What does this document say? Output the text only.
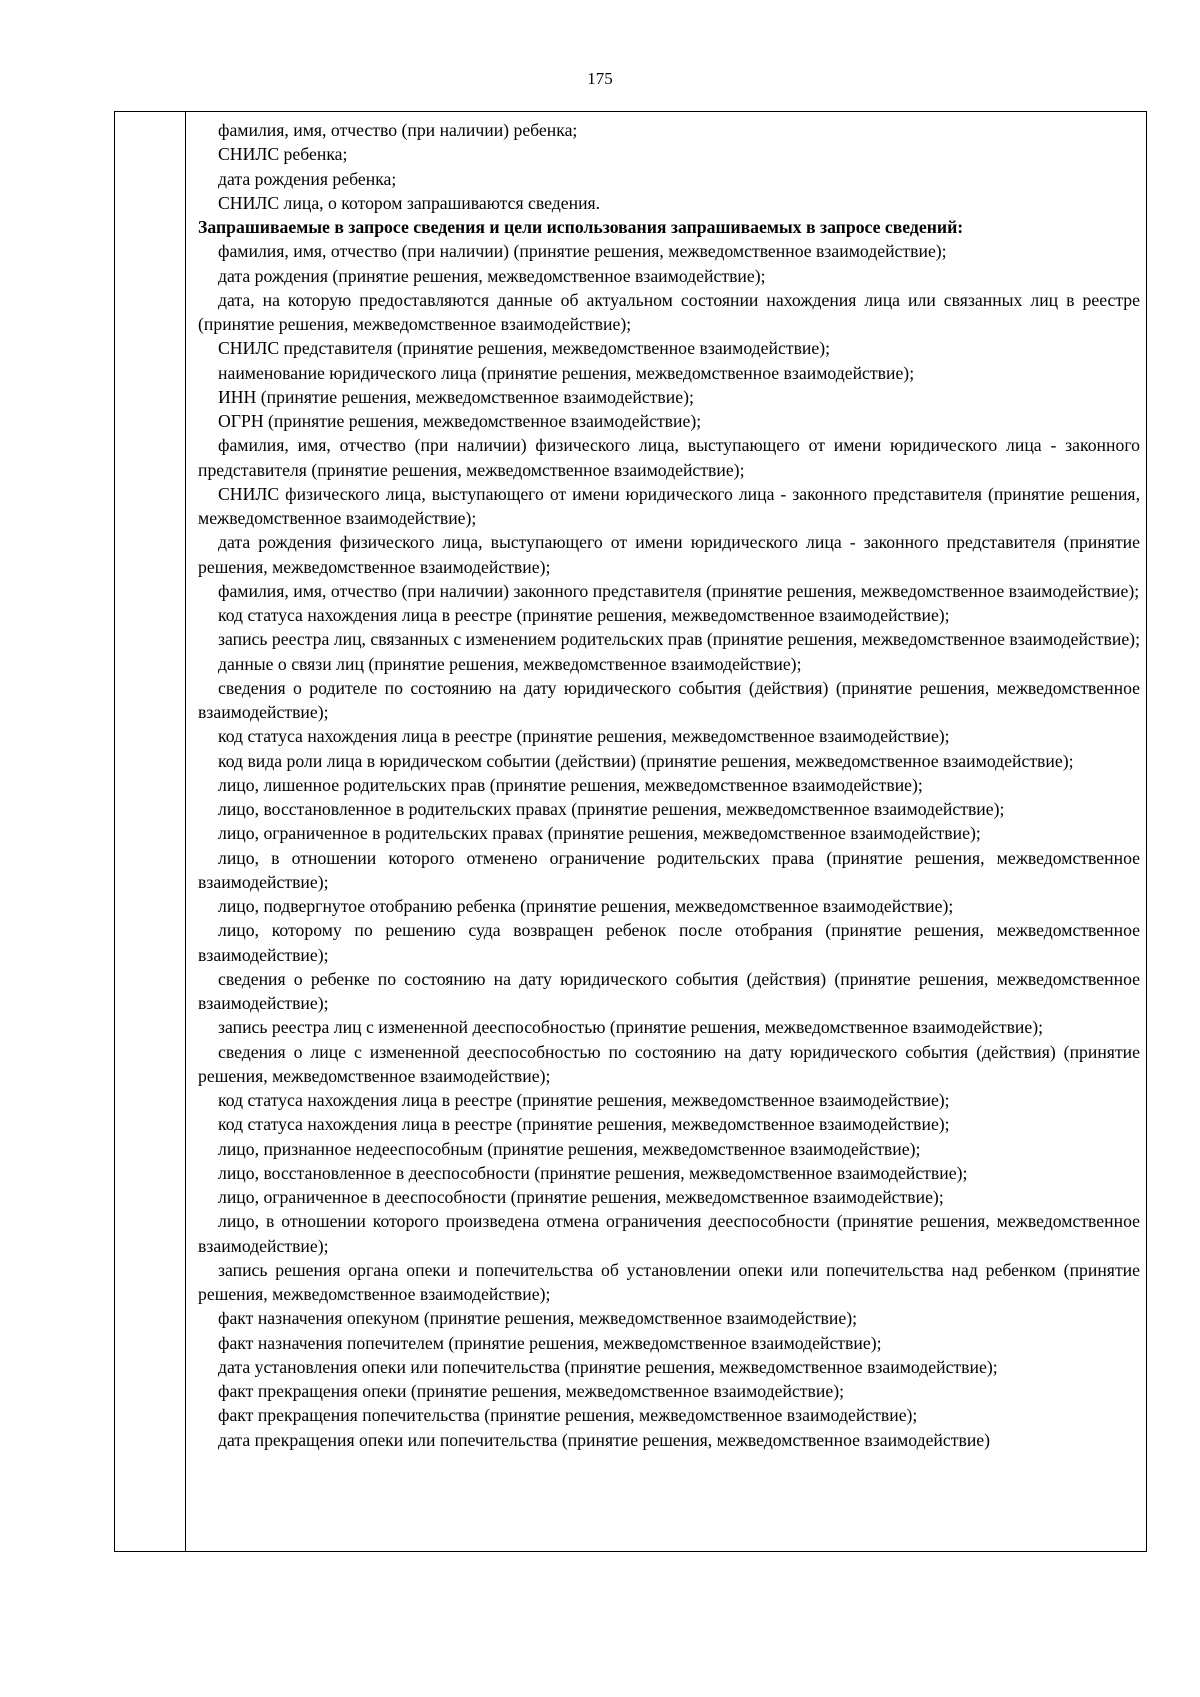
175

фамилия, имя, отчество (при наличии) ребенка;

СНИЛС ребенка;

дата рождения ребенка;

СНИЛС лица, о котором запрашиваются сведения.

Запрашиваемые в запросе сведения и цели использования запрашиваемых в запросе сведений:

фамилия, имя, отчество (при наличии) (принятие решения, межведомственное взаимодействие);

дата рождения (принятие решения, межведомственное взаимодействие);

дата, на которую предоставляются данные об актуальном состоянии нахождения лица или связанных лиц в реестре (принятие решения, межведомственное взаимодействие);

СНИЛС представителя (принятие решения, межведомственное взаимодействие);

наименование юридического лица (принятие решения, межведомственное взаимодействие);

ИНН (принятие решения, межведомственное взаимодействие);

ОГРН (принятие решения, межведомственное взаимодействие);

фамилия, имя, отчество (при наличии) физического лица, выступающего от имени юридического лица - законного представителя (принятие решения, межведомственное взаимодействие);

СНИЛС физического лица, выступающего от имени юридического лица - законного представителя (принятие решения, межведомственное взаимодействие);

дата рождения физического лица, выступающего от имени юридического лица - законного представителя (принятие решения, межведомственное взаимодействие);

фамилия, имя, отчество (при наличии) законного представителя (принятие решения, межведомственное взаимодействие);

код статуса нахождения лица в реестре (принятие решения, межведомственное взаимодействие);

запись реестра лиц, связанных с изменением родительских прав (принятие решения, межведомственное взаимодействие);

данные о связи лиц (принятие решения, межведомственное взаимодействие);

сведения о родителе по состоянию на дату юридического события (действия) (принятие решения, межведомственное взаимодействие);

код статуса нахождения лица в реестре (принятие решения, межведомственное взаимодействие);

код вида роли лица в юридическом событии (действии) (принятие решения, межведомственное взаимодействие);

лицо, лишенное родительских прав (принятие решения, межведомственное взаимодействие);

лицо, восстановленное в родительских правах (принятие решения, межведомственное взаимодействие);

лицо, ограниченное в родительских правах (принятие решения, межведомственное взаимодействие);

лицо, в отношении которого отменено ограничение родительских права (принятие решения, межведомственное взаимодействие);

лицо, подвергнутое отобранию ребенка (принятие решения, межведомственное взаимодействие);

лицо, которому по решению суда возвращен ребенок после отобрания (принятие решения, межведомственное взаимодействие);

сведения о ребенке по состоянию на дату юридического события (действия) (принятие решения, межведомственное взаимодействие);

запись реестра лиц с измененной дееспособностью (принятие решения, межведомственное взаимодействие);

сведения о лице с измененной дееспособностью по состоянию на дату юридического события (действия) (принятие решения, межведомственное взаимодействие);

код статуса нахождения лица в реестре (принятие решения, межведомственное взаимодействие);

код статуса нахождения лица в реестре (принятие решения, межведомственное взаимодействие);

лицо, признанное недееспособным (принятие решения, межведомственное взаимодействие);

лицо, восстановленное в дееспособности (принятие решения, межведомственное взаимодействие);

лицо, ограниченное в дееспособности (принятие решения, межведомственное взаимодействие);

лицо, в отношении которого произведена отмена ограничения дееспособности (принятие решения, межведомственное взаимодействие);

запись решения органа опеки и попечительства об установлении опеки или попечительства над ребенком (принятие решения, межведомственное взаимодействие);

факт назначения опекуном (принятие решения, межведомственное взаимодействие);

факт назначения попечителем (принятие решения, межведомственное взаимодействие);

дата установления опеки или попечительства (принятие решения, межведомственное взаимодействие);

факт прекращения опеки (принятие решения, межведомственное взаимодействие);

факт прекращения попечительства (принятие решения, межведомственное взаимодействие);

дата прекращения опеки или попечительства (принятие решения, межведомственное взаимодействие)
